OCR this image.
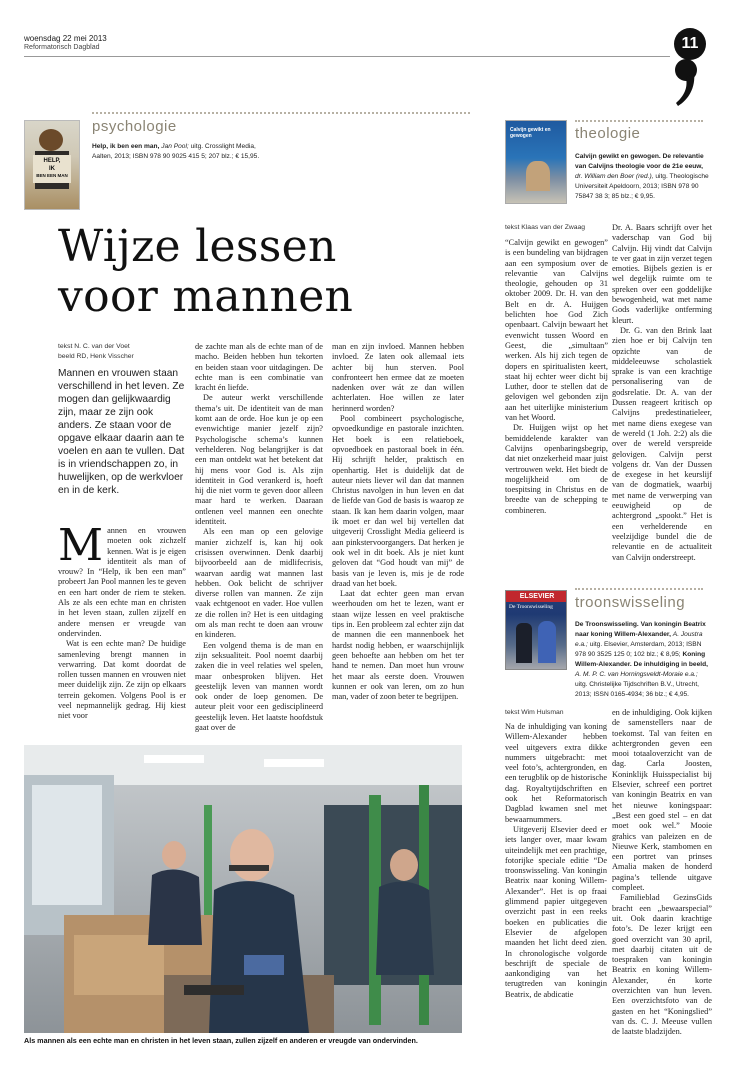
woensdag 22 mei 2013
Reformatorisch Dagblad	11
HELP,
IK
BEN EEN MAN
psychologie
Help, ik ben een man, Jan Pool; uitg. Crosslight Media, Aalten, 2013; ISBN 978 90 9025 415 5; 207 blz.; € 15,95.
Wijze lessen
voor mannen
tekst N. C. van der Voet
beeld RD, Henk Visscher
Mannen en vrouwen staan verschillend in het leven. Ze mogen dan gelijkwaardig zijn, maar ze zijn ook anders. Ze staan voor de opgave elkaar daarin aan te voelen en aan te vullen. Dat is in vriendschappen zo, in huwelijken, op de werkvloer en in de kerk.

Mannen en vrouwen moeten ook zichzelf kennen. Wat is je eigen identiteit als man of vrouw? In “Help, ik ben een man” probeert Jan Pool mannen les te geven en een hart onder de riem te steken. Als ze als een echte man en christen in het leven staan, zullen zijzelf en andere mensen er vreugde van ondervinden.

Wat is een echte man? De huidige samenleving brengt mannen in verwarring. Dat komt doordat de rollen tussen mannen en vrouwen niet meer duidelijk zijn. Ze zijn op elkaars terrein gekomen. Volgens Pool is er veel nepmannelijk gedrag. Hij kiest niet voor

de zachte man als de echte man of de macho. Beiden hebben hun tekorten en beiden staan voor uitdagingen. De echte man is een combinatie van kracht én liefde.

De auteur werkt verschillende thema’s uit. De identiteit van de man komt aan de orde. Hoe kun je op een evenwichtige manier jezelf zijn? Psychologische schema’s kunnen verhelderen. Nog belangrijker is dat een man ontdekt wat het betekent dat hij mens voor God is. Als zijn identiteit in God verankerd is, hoeft hij die niet vorm te geven door alleen maar hard te werken. Daaraan ontlenen veel mannen een onechte identiteit.

Als een man op een gelovige manier zichzelf is, kan hij ook crisissen overwinnen. Denk daarbij bijvoorbeeld aan de midlifecrisis, waarvan aardig wat mannen last hebben. Ook belicht de schrijver diverse rollen van mannen. Ze zijn vaak echtgenoot en vader. Hoe vullen ze die rollen in? Het is een uitdaging om als man recht te doen aan vrouw en kinderen.

Een volgend thema is de man en zijn seksualiteit. Pool noemt daarbij zaken die in veel relaties wel spelen, maar onbesproken blijven. Het geestelijk leven van mannen wordt ook onder de loep genomen. De auteur pleit voor een gedisciplineerd geestelijk leven. Het laatste hoofdstuk gaat over de

man en zijn invloed. Mannen hebben invloed. Ze laten ook allemaal iets achter bij hun sterven. Pool confronteert hen ermee dat ze moeten nadenken over wát ze dan willen achterlaten. Hoe willen ze later herinnerd worden?

Pool combineert psychologische, opvoedkundige en pastorale inzichten. Het boek is een relatieboek, opvoedboek en pastoraal boek in één. Hij schrijft helder, praktisch en openhartig. Het is duidelijk dat de auteur niets liever wil dan dat mannen Christus navolgen in hun leven en dat de liefde van God de basis is waarop ze staan. Ik kan hem daarin volgen, maar ik moet er dan wel bij vertellen dat uitgeverij Crosslight Media gelieerd is aan pinkstervoorgangers. Dat herken je ook wel in dit boek. Als je niet kunt geloven dat “God houdt van mij” de basis van je leven is, mis je de rode draad van het boek.

Laat dat echter geen man ervan weerhouden om het te lezen, want er staan wijze lessen en veel praktische tips in. Een probleem zal echter zijn dat de mannen die een mannenboek het hardst nodig hebben, er waarschijnlijk geen behoefte aan hebben om het ter hand te nemen. Dan moet hun vrouw het maar als eerste doen. Vrouwen kunnen er ook van leren, om zo hun man, vader of zoon beter te begrijpen.

Als mannen als een echte man en christen in het leven staan, zullen zijzelf en anderen er vreugde van ondervinden.
Calvijn gewikt en gewogen	theologie
Calvijn gewikt en gewogen. De relevantie van Calvijns theologie voor de 21e eeuw, dr. William den Boer (red.), uitg. Theologische Universiteit Apeldoorn, 2013; ISBN 978 90 75847 38 3; 85 blz.; € 9,95.
tekst Klaas van der Zwaag

“Calvijn gewikt en gewogen” is een bundeling van bijdragen aan een symposium over de relevantie van Calvijns theologie, gehouden op 31 oktober 2009. Dr. H. van den Belt en dr. A. Huijgen belichten hoe God Zich openbaart. Calvijn bewaart het evenwicht tussen Woord en Geest, die „simultaan” werken. Als hij zich tegen de dopers en spiritualisten keert, staat hij echter weer dicht bij Luther, door te stellen dat de gelovigen wel gebonden zijn aan het uiterlijke ministerium van het Woord.

Dr. Huijgen wijst op het bemiddelende karakter van Calvijns openbaringsbegrip, dat niet onzekerheid maar juist vertrouwen wekt. Het biedt de mogelijkheid om de toespitsing in Christus en de breedte van de schepping te combineren.

Dr. A. Baars schrijft over het vaderschap van God bij Calvijn. Hij vindt dat Calvijn te ver gaat in zijn verzet tegen emoties. Bijbels gezien is er wel degelijk ruimte om te spreken over een goddelijke bewogenheid, wat met name Gods vaderlijke ontferming kleurt.

Dr. G. van den Brink laat zien hoe er bij Calvijn ten opzichte van de middeleeuwse scholastiek sprake is van een krachtige personalisering van de godsrelatie. Dr. A. van der Dussen reageert kritisch op Calvijns predestinatieleer, met name diens exegese van de wereld (1 Joh. 2:2) als die over de wereld verspreide gelovigen. Calvijn perst volgens dr. Van der Dussen de exegese in het keurslijf van de dogmatiek, waarbij met name de verwerping van eeuwigheid op de achtergrond „spookt.” Het is een verhelderende en veelzijdige bundel die de relevantie en de actualiteit van Calvijn onderstreept.

ELSEVIER
De Troonswisseling	troonswisseling
De Troonswisseling. Van koningin Beatrix naar koning Willem-Alexander, A. Joustra e.a.; uitg. Elsevier, Amsterdam, 2013; ISBN 978 90 3525 125 0; 102 blz.; € 8,95; Koning Willem-Alexander. De inhuldiging in beeld, A. M. P. C. van Horningsveldt-Moraie e.a.; uitg. Christelijke Tijdschriften B.V., Utrecht, 2013; ISSN 0165-4934; 36 blz.; € 4,95.
tekst Wim Hulsman

Na de inhuldiging van koning Willem-Alexander hebben veel uitgevers extra dikke nummers uitgebracht: met veel foto’s, achtergronden, en een terugblik op de historische dag. Royaltytijdschriften en ook het Reformatorisch Dagblad kwamen snel met bewaarnummers.

Uitgeverij Elsevier deed er iets langer over, maar kwam uiteindelijk met een prachtige, fotorijke speciale editie “De troonswisseling. Van koningin Beatrix naar koning Willem-Alexander”. Het is op fraai glimmend papier uitgegeven overzicht past in een reeks boeken en publicaties die Elsevier de afgelopen maanden het licht deed zien. In chronologische volgorde beschrijft de speciale de aankondiging van het terugtreden van koningin Beatrix, de abdicatie

en de inhuldiging. Ook kijken de samenstellers naar de toekomst. Tal van feiten en achtergronden geven een mooi totaaloverzicht van de dag. Carla Joosten, Koninklijk Huisspecialist bij Elsevier, schreef een portret van koningin Beatrix en van het nieuwe koningspaar: „Best een goed stel – en dat moet ook wel.” Mooie grahics van paleizen en de Nieuwe Kerk, stambomen en een portret van prinses Amalia maken de honderd pagina’s tellende uitgave compleet.

Familieblad GezinsGids bracht een „bewaarspecial” uit. Ook daarin krachtige foto’s. De lezer krijgt een goed overzicht van 30 april, met daarbij citaten uit de toespraken van koningin Beatrix en koning Willem-Alexander, én korte overzichten van hun leven. Een overzichtsfoto van de gasten en het “Koningslied” van ds. C. J. Meeuse vullen de laatste bladzijden.
